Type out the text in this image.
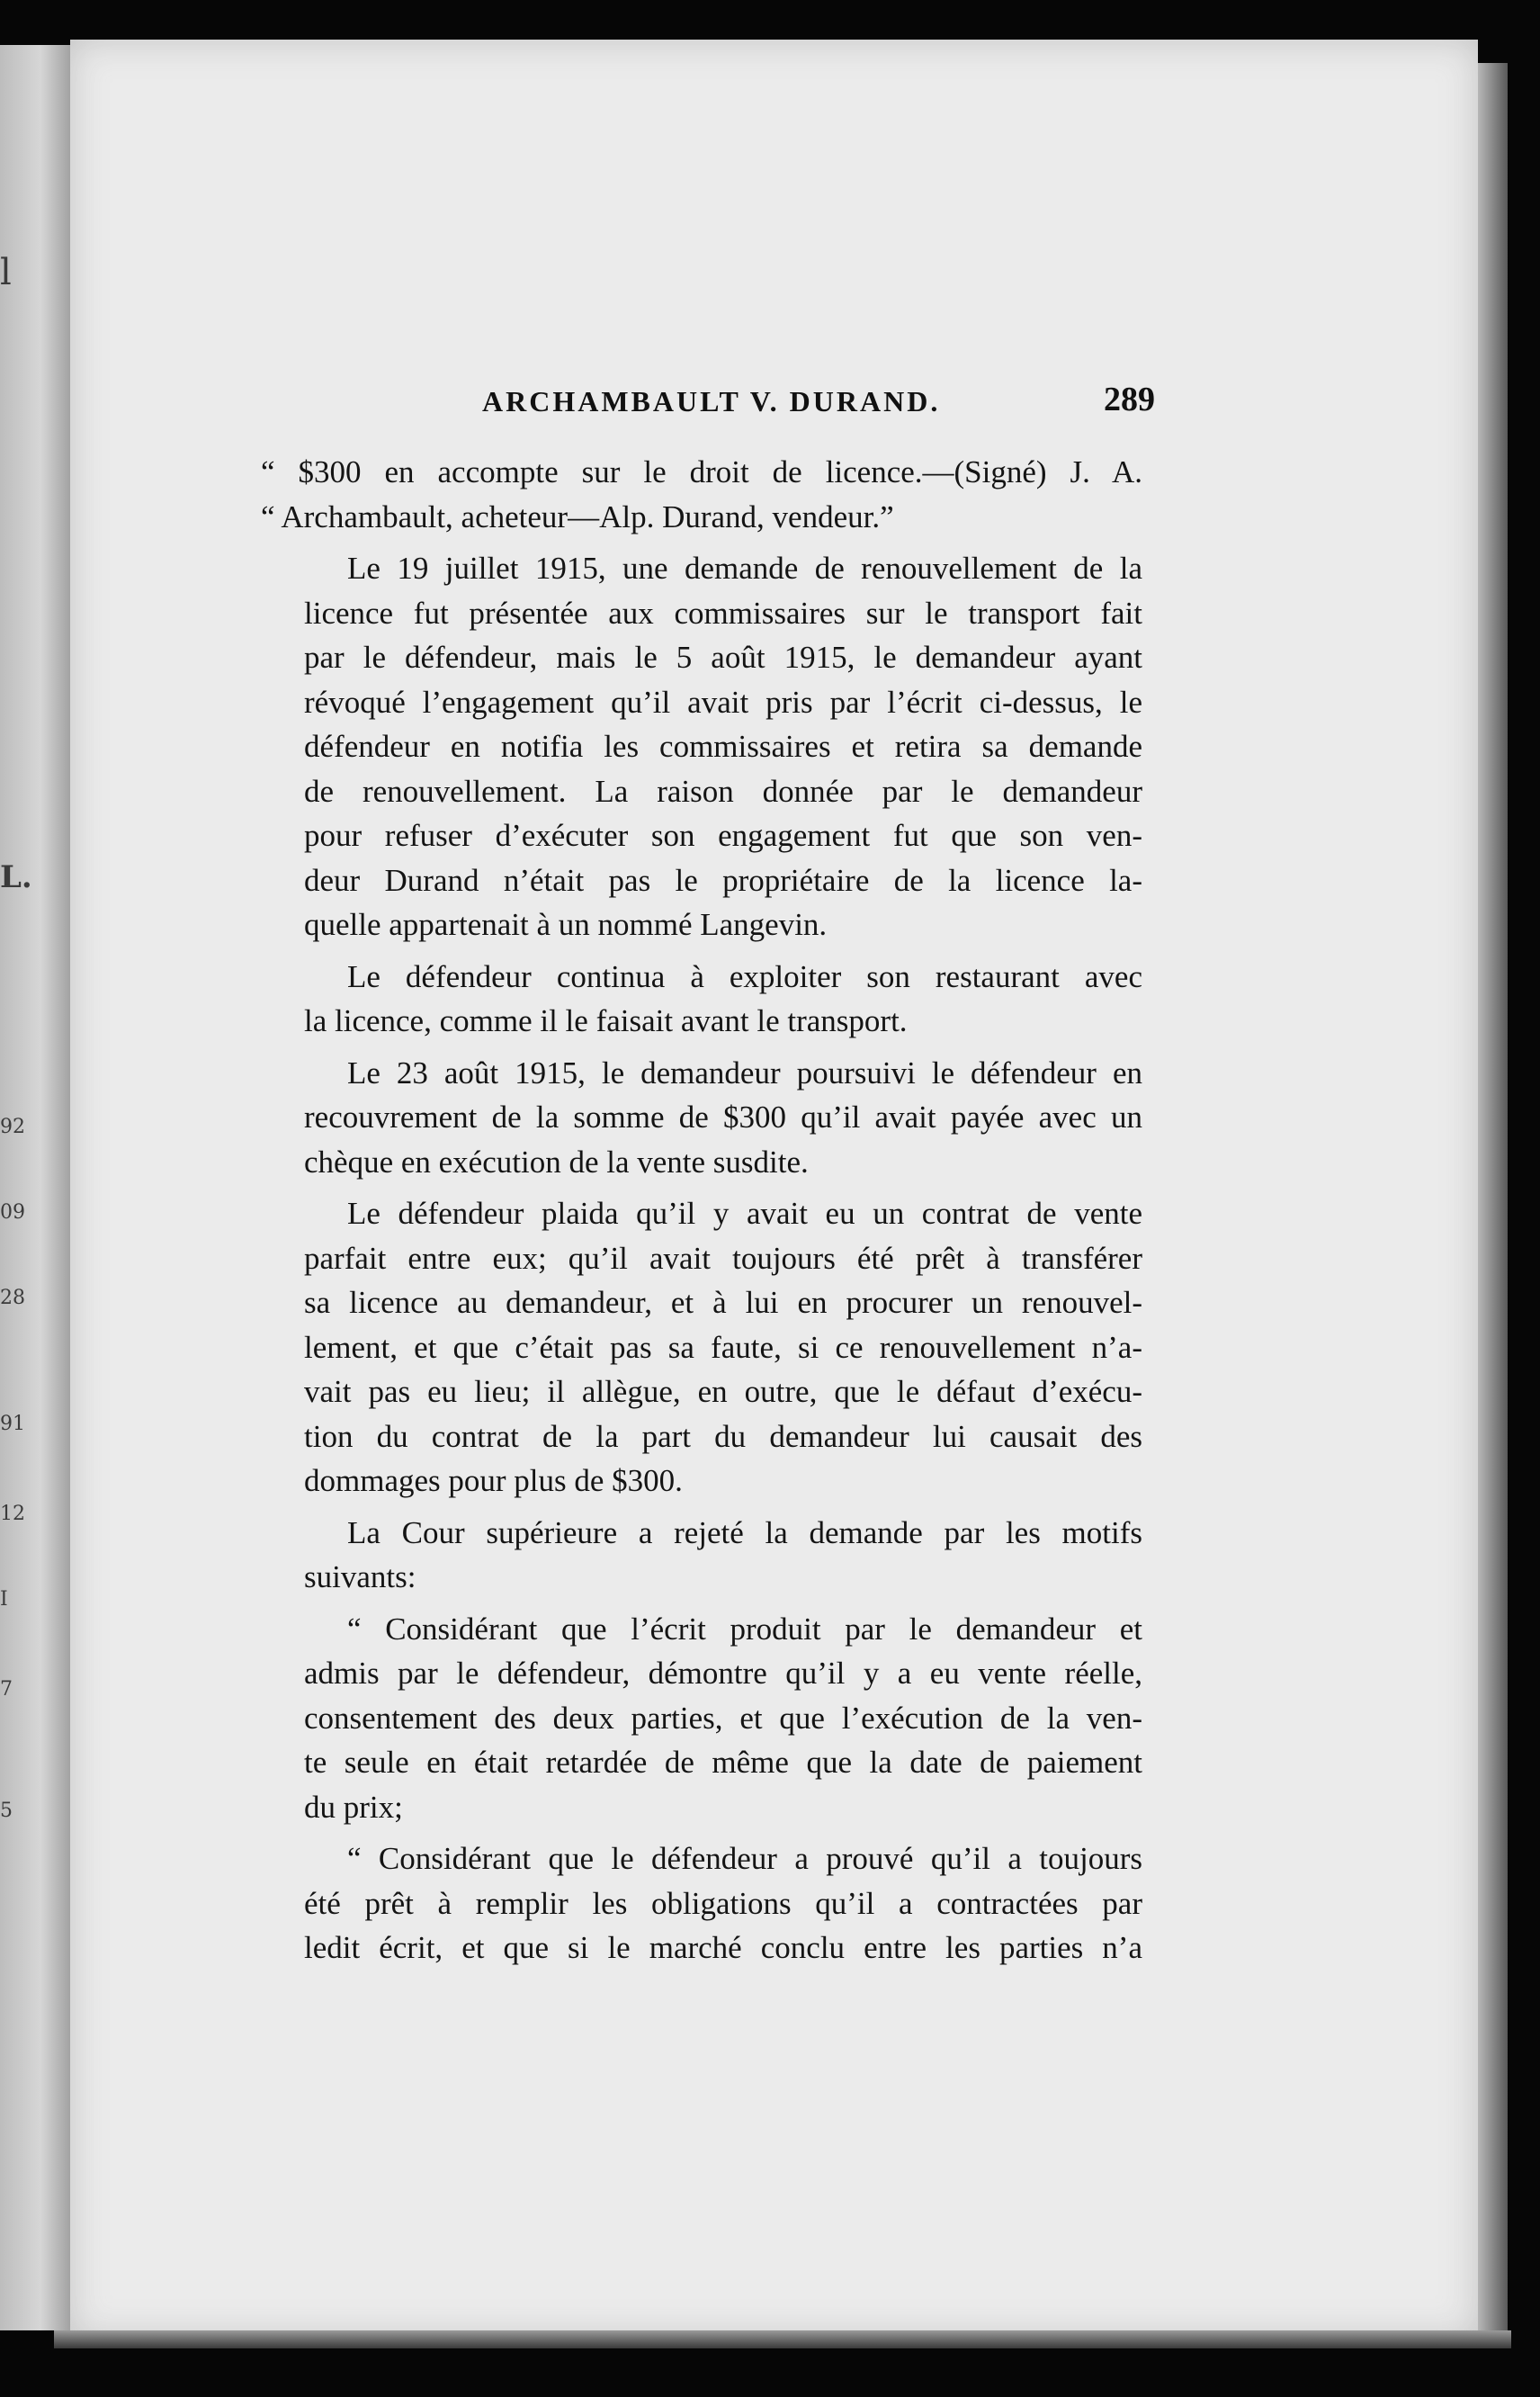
l
L.
92
09
28
91
12
I
7
5
ARCHAMBAULT V. DURAND.	289

“ $300 en accompte sur le droit de licence.—(Signé) J. A.
“ Archambault, acheteur—Alp. Durand, vendeur.”

Le 19 juillet 1915, une demande de renouvellement de la
licence fut présentée aux commissaires sur le transport fait
par le défendeur, mais le 5 août 1915, le demandeur ayant
révoqué l’engagement qu’il avait pris par l’écrit ci-dessus, le
défendeur en notifia les commissaires et retira sa demande
de renouvellement. La raison donnée par le demandeur
pour refuser d’exécuter son engagement fut que son ven-
deur Durand n’était pas le propriétaire de la licence la-
quelle appartenait à un nommé Langevin.

Le défendeur continua à exploiter son restaurant avec
la licence, comme il le faisait avant le transport.

Le 23 août 1915, le demandeur poursuivi le défendeur en
recouvrement de la somme de $300 qu’il avait payée avec un
chèque en exécution de la vente susdite.

Le défendeur plaida qu’il y avait eu un contrat de vente
parfait entre eux; qu’il avait toujours été prêt à transférer
sa licence au demandeur, et à lui en procurer un renouvel-
lement, et que c’était pas sa faute, si ce renouvellement n’a-
vait pas eu lieu; il allègue, en outre, que le défaut d’exécu-
tion du contrat de la part du demandeur lui causait des
dommages pour plus de $300.

La Cour supérieure a rejeté la demande par les motifs
suivants:

“ Considérant que l’écrit produit par le demandeur et
admis par le défendeur, démontre qu’il y a eu vente réelle,
consentement des deux parties, et que l’exécution de la ven-
te seule en était retardée de même que la date de paiement
du prix;

“ Considérant que le défendeur a prouvé qu’il a toujours
été prêt à remplir les obligations qu’il a contractées par
ledit écrit, et que si le marché conclu entre les parties n’a
